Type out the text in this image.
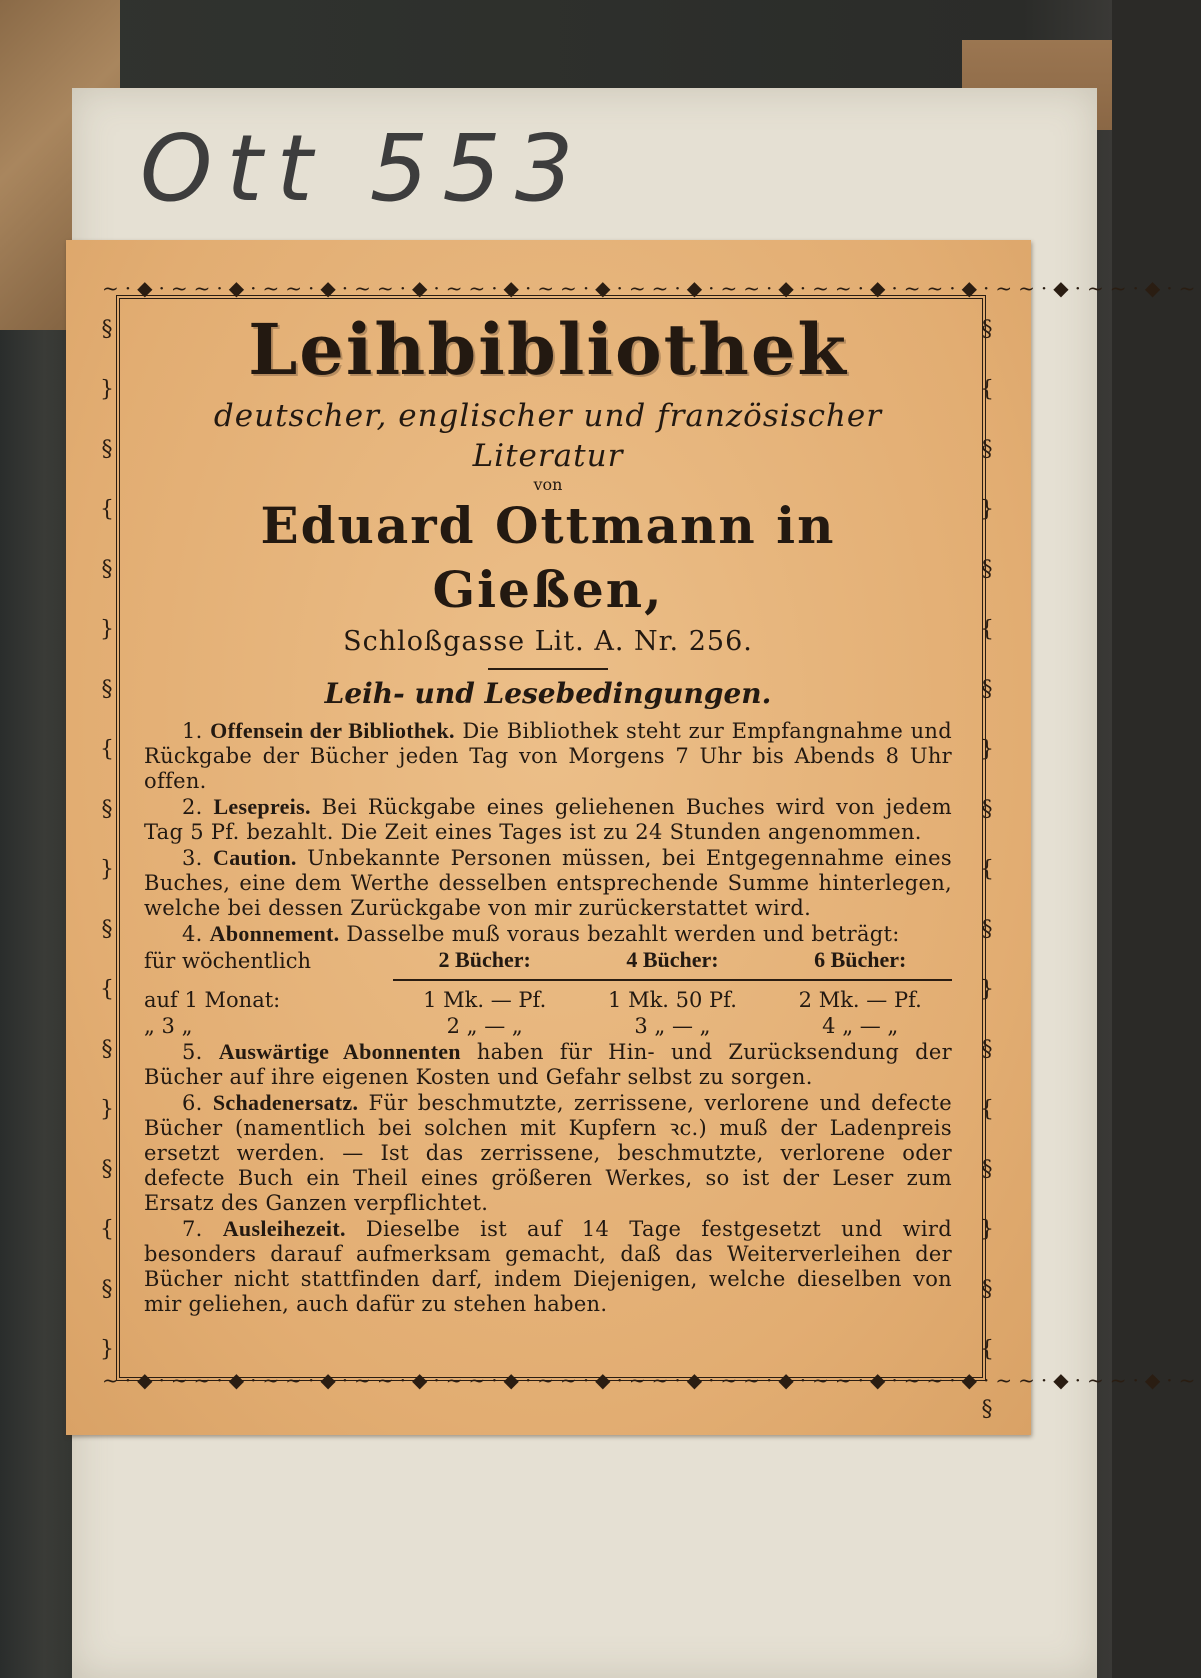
Ott 553
~·◆·~~·◆·~~·◆·~~·◆·~~·◆·~~·◆·~~·◆·~~·◆·~~·◆·~~·◆·~~·◆·~~·◆·~
§
}
§
{
§
}
§
{
§
}
§
{
§
}
§
{
§
}
§
{
§
}
§
{
§
}
§
{
§
}
§
{
§
}
§
{
§
~·◆·~~·◆·~~·◆·~~·◆·~~·◆·~~·◆·~~·◆·~~·◆·~~·◆·~~·◆·~~·◆·~~·◆·~
Leihbibliothek
deutscher, englischer und französischer Literatur
von
Eduard Ottmann in Gießen,
Schloßgasse Lit. A. Nr. 256.
Leih- und Lesebedingungen.

1. Offensein der Bibliothek. Die Bibliothek steht zur Empfangnahme und Rückgabe der Bücher jeden Tag von Morgens 7 Uhr bis Abends 8 Uhr offen.

2. Lesepreis. Bei Rückgabe eines geliehenen Buches wird von jedem Tag 5 Pf. bezahlt. Die Zeit eines Tages ist zu 24 Stunden angenommen.

3. Caution. Unbekannte Personen müssen, bei Entgegennahme eines Buches, eine dem Werthe desselben entsprechende Summe hinterlegen, welche bei dessen Zurückgabe von mir zurückerstattet wird.

4. Abonnement. Dasselbe muß voraus bezahlt werden und beträgt:

für wöchentlich	2 Bücher:	4 Bücher:	6 Bücher:

auf 1 Monat:	1 Mk. — Pf.	1 Mk. 50 Pf.	2 Mk. — Pf.
„ 3 „	2 „ — „	3 „ — „	4 „ — „

5. Auswärtige Abonnenten haben für Hin- und Zurücksendung der Bücher auf ihre eigenen Kosten und Gefahr selbst zu sorgen.

6. Schadenersatz. Für beschmutzte, zerrissene, verlorene und defecte Bücher (namentlich bei solchen mit Kupfern ꝛc.) muß der Ladenpreis ersetzt werden. — Ist das zerrissene, beschmutzte, verlorene oder defecte Buch ein Theil eines größeren Werkes, so ist der Leser zum Ersatz des Ganzen verpflichtet.

7. Ausleihezeit. Dieselbe ist auf 14 Tage festgesetzt und wird besonders darauf aufmerksam gemacht, daß das Weiterverleihen der Bücher nicht stattfinden darf, indem Diejenigen, welche dieselben von mir geliehen, auch dafür zu stehen haben.
